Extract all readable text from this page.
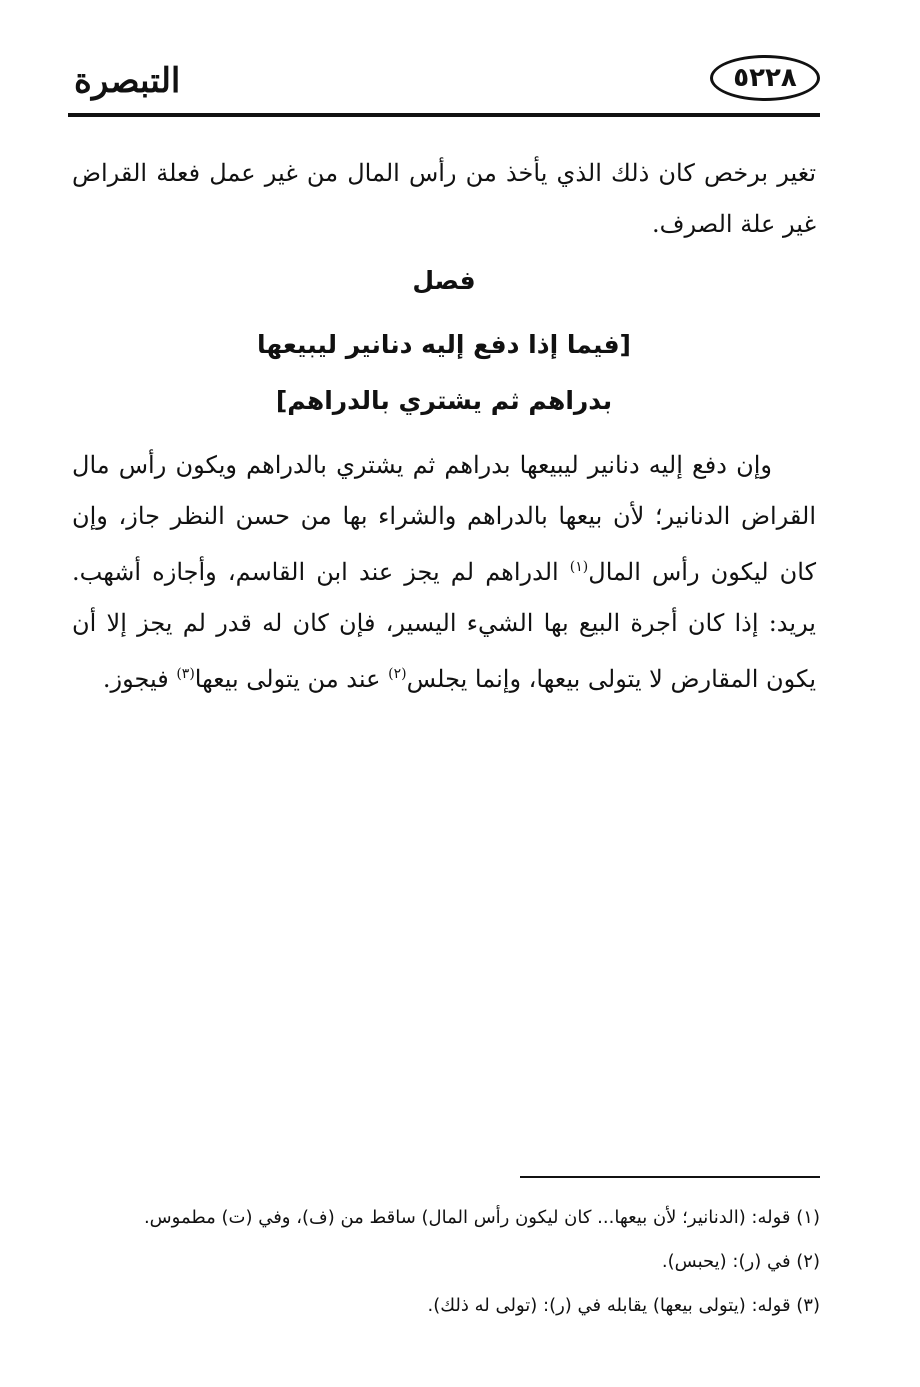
التبصرة	٥٢٢٨

تغير برخص كان ذلك الذي يأخذ من رأس المال من غير عمل فعلة القراض غير علة الصرف.

فصل
[فيما إذا دفع إليه دنانير ليبيعها
بدراهم ثم يشتري بالدراهم]

وإن دفع إليه دنانير ليبيعها بدراهم ثم يشتري بالدراهم ويكون رأس مال القراض الدنانير؛ لأن بيعها بالدراهم والشراء بها من حسن النظر جاز، وإن كان ليكون رأس المال$^{(١)}$ الدراهم لم يجز عند ابن القاسم، وأجازه أشهب. يريد: إذا كان أجرة البيع بها الشيء اليسير، فإن كان له قدر لم يجز إلا أن يكون المقارض لا يتولى بيعها، وإنما يجلس$^{(٢)}$ عند من يتولى بيعها$^{(٣)}$ فيجوز.

(١) قوله: (الدنانير؛ لأن بيعها... كان ليكون رأس المال) ساقط من (ف)، وفي (ت) مطموس.

(٢) في (ر): (يحبس).

(٣) قوله: (يتولى بيعها) يقابله في (ر): (تولى له ذلك).
